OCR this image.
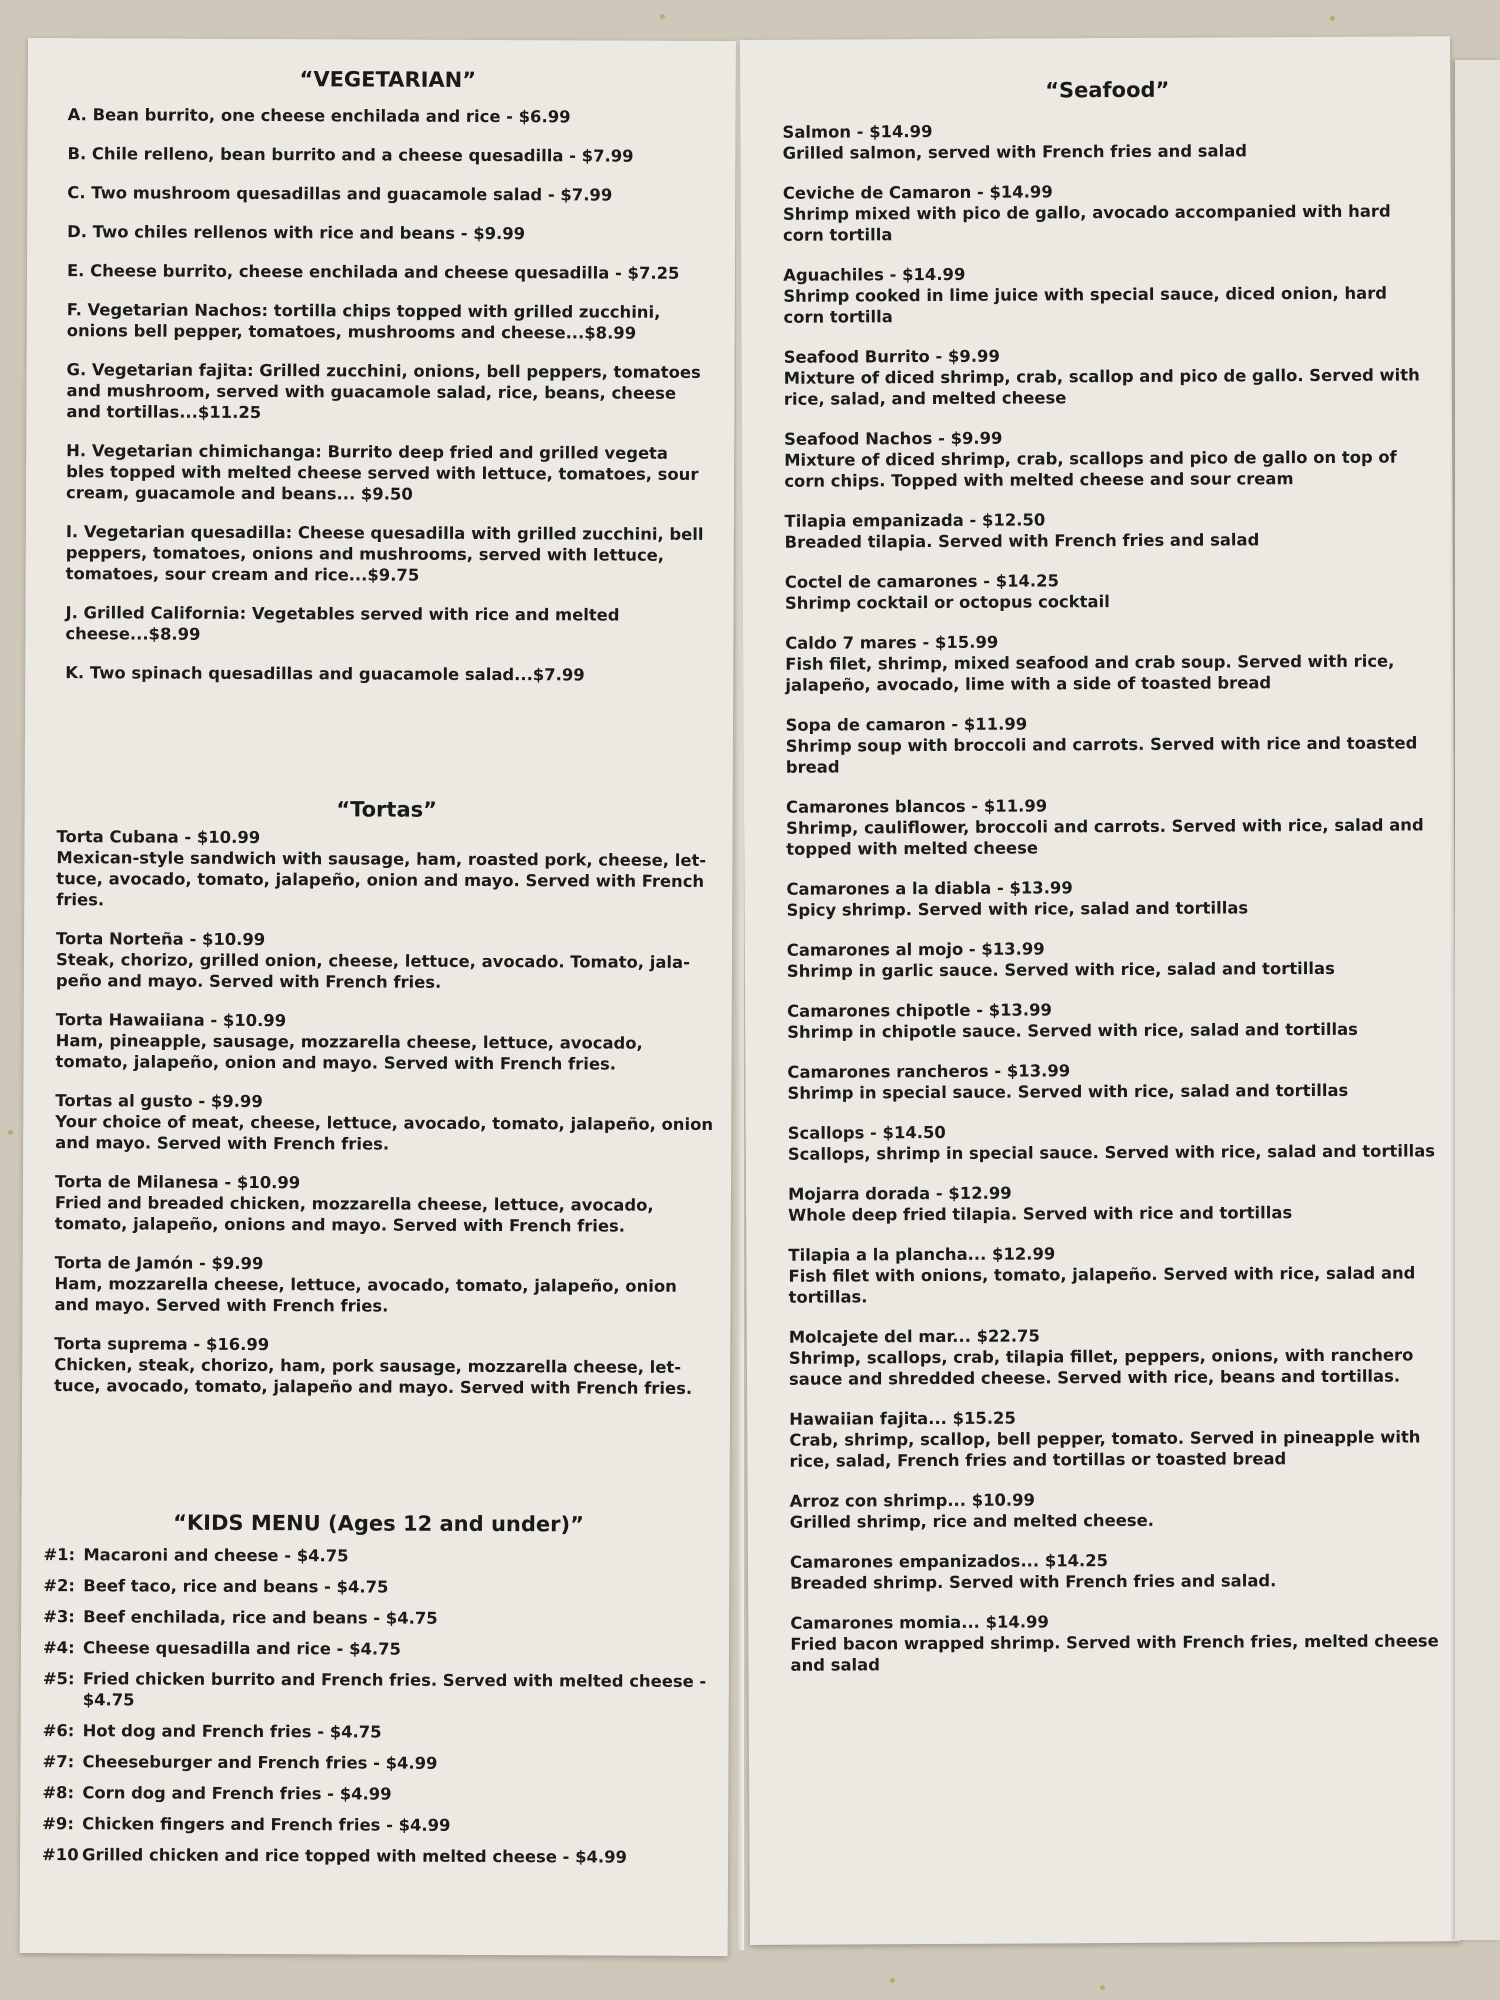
“VEGETARIAN”
A. Bean burrito, one cheese enchilada and rice - $6.99
B. Chile relleno, bean burrito and a cheese quesadilla - $7.99
C. Two mushroom quesadillas and guacamole salad - $7.99
D. Two chiles rellenos with rice and beans - $9.99
E. Cheese burrito, cheese enchilada and cheese quesadilla - $7.25
F. Vegetarian Nachos: tortilla chips topped with grilled zucchini, onions bell pepper, tomatoes, mushrooms and cheese...$8.99
G. Vegetarian fajita: Grilled zucchini, onions, bell peppers, tomatoes and mushroom, served with guacamole salad, rice, beans, cheese and tortillas...$11.25
H. Vegetarian chimichanga: Burrito deep fried and grilled vegeta bles topped with melted cheese served with lettuce, tomatoes, sour cream, guacamole and beans... $9.50
I. Vegetarian quesadilla: Cheese quesadilla with grilled zucchini, bell peppers, tomatoes, onions and mushrooms, served with lettuce, tomatoes, sour cream and rice...$9.75
J. Grilled California: Vegetables served with rice and melted cheese...$8.99
K. Two spinach quesadillas and guacamole salad...$7.99
“Tortas”
Torta Cubana - $10.99
Mexican-style sandwich with sausage, ham, roasted pork, cheese, let- tuce, avocado, tomato, jalapeño, onion and mayo. Served with French fries.
Torta Norteña - $10.99
Steak, chorizo, grilled onion, cheese, lettuce, avocado. Tomato, jala- peño and mayo. Served with French fries.
Torta Hawaiiana - $10.99
Ham, pineapple, sausage, mozzarella cheese, lettuce, avocado, tomato, jalapeño, onion and mayo. Served with French fries.
Tortas al gusto - $9.99
Your choice of meat, cheese, lettuce, avocado, tomato, jalapeño, onion and mayo. Served with French fries.
Torta de Milanesa - $10.99
Fried and breaded chicken, mozzarella cheese, lettuce, avocado, tomato, jalapeño, onions and mayo. Served with French fries.
Torta de Jamón - $9.99
Ham, mozzarella cheese, lettuce, avocado, tomato, jalapeño, onion and mayo. Served with French fries.
Torta suprema - $16.99
Chicken, steak, chorizo, ham, pork sausage, mozzarella cheese, let- tuce, avocado, tomato, jalapeño and mayo. Served with French fries.
“KIDS MENU (Ages 12 and under)”
#1: Macaroni and cheese - $4.75
#2: Beef taco, rice and beans - $4.75
#3: Beef enchilada, rice and beans - $4.75
#4: Cheese quesadilla and rice - $4.75
#5: Fried chicken burrito and French fries. Served with melted cheese - $4.75
#6: Hot dog and French fries - $4.75
#7: Cheeseburger and French fries - $4.99
#8: Corn dog and French fries - $4.99
#9: Chicken fingers and French fries - $4.99
#10 Grilled chicken and rice topped with melted cheese - $4.99
“Seafood”
Salmon - $14.99
Grilled salmon, served with French fries and salad
Ceviche de Camaron - $14.99
Shrimp mixed with pico de gallo, avocado accompanied with hard corn tortilla
Aguachiles - $14.99
Shrimp cooked in lime juice with special sauce, diced onion, hard corn tortilla
Seafood Burrito - $9.99
Mixture of diced shrimp, crab, scallop and pico de gallo. Served with rice, salad, and melted cheese
Seafood Nachos - $9.99
Mixture of diced shrimp, crab, scallops and pico de gallo on top of corn chips. Topped with melted cheese and sour cream
Tilapia empanizada - $12.50
Breaded tilapia. Served with French fries and salad
Coctel de camarones - $14.25
Shrimp cocktail or octopus cocktail
Caldo 7 mares - $15.99
Fish filet, shrimp, mixed seafood and crab soup. Served with rice, jalapeño, avocado, lime with a side of toasted bread
Sopa de camaron - $11.99
Shrimp soup with broccoli and carrots. Served with rice and toasted bread
Camarones blancos - $11.99
Shrimp, cauliflower, broccoli and carrots. Served with rice, salad and topped with melted cheese
Camarones a la diabla - $13.99
Spicy shrimp. Served with rice, salad and tortillas
Camarones al mojo - $13.99
Shrimp in garlic sauce. Served with rice, salad and tortillas
Camarones chipotle - $13.99
Shrimp in chipotle sauce. Served with rice, salad and tortillas
Camarones rancheros - $13.99
Shrimp in special sauce. Served with rice, salad and tortillas
Scallops - $14.50
Scallops, shrimp in special sauce. Served with rice, salad and tortillas
Mojarra dorada - $12.99
Whole deep fried tilapia. Served with rice and tortillas
Tilapia a la plancha... $12.99
Fish filet with onions, tomato, jalapeño. Served with rice, salad and tortillas.
Molcajete del mar... $22.75
Shrimp, scallops, crab, tilapia fillet, peppers, onions, with ranchero sauce and shredded cheese. Served with rice, beans and tortillas.
Hawaiian fajita... $15.25
Crab, shrimp, scallop, bell pepper, tomato. Served in pineapple with rice, salad, French fries and tortillas or toasted bread
Arroz con shrimp... $10.99
Grilled shrimp, rice and melted cheese.
Camarones empanizados... $14.25
Breaded shrimp. Served with French fries and salad.
Camarones momia... $14.99
Fried bacon wrapped shrimp. Served with French fries, melted cheese and salad
